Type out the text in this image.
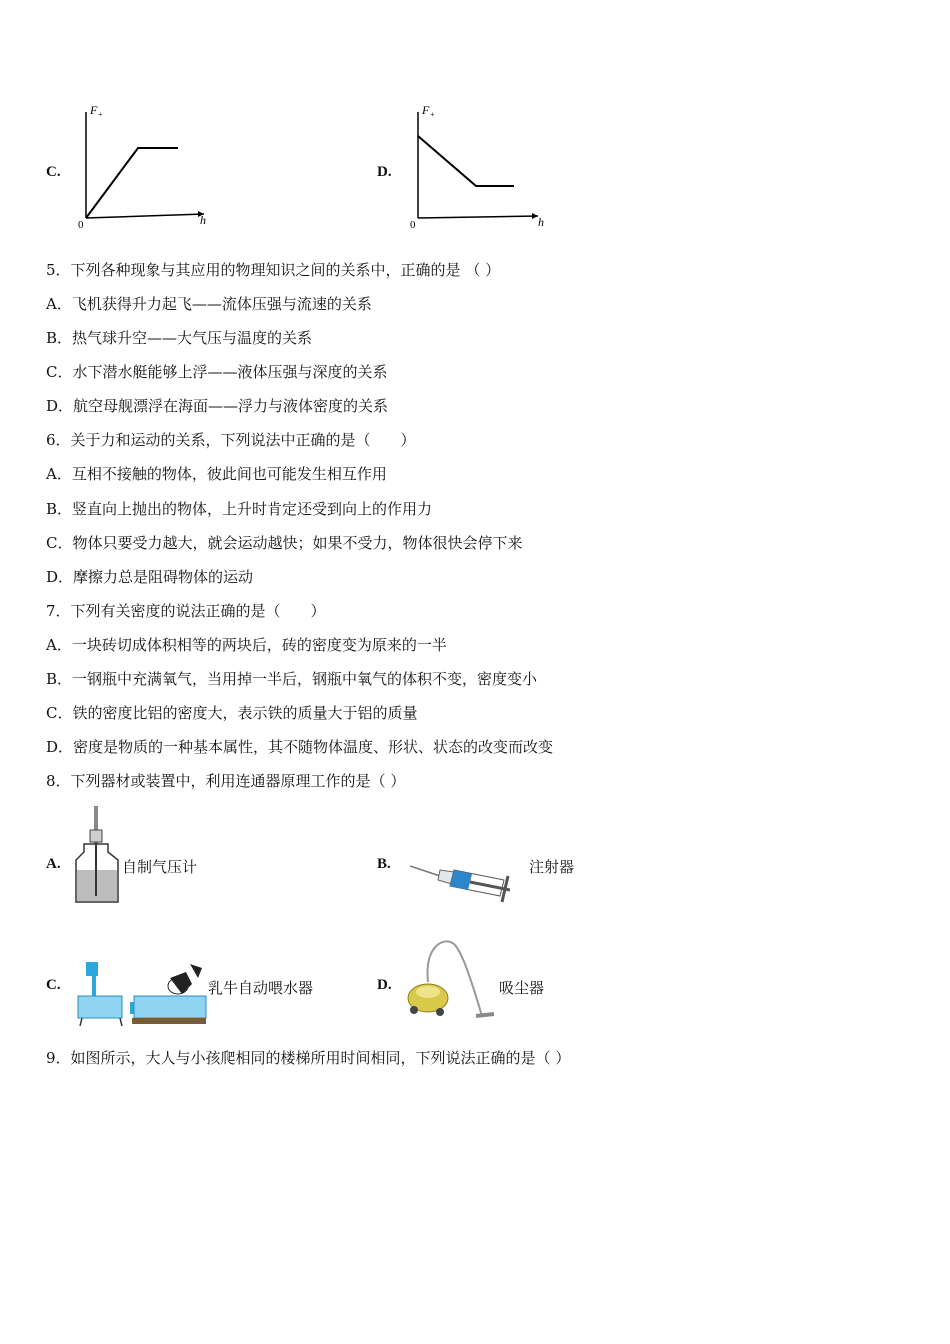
C.
F +
h
0
D.
F +
h
0
5．下列各种现象与其应用的物理知识之间的关系中，正确的是 （ ）
A．飞机获得升力起飞——流体压强与流速的关系
B．热气球升空——大气压与温度的关系
C．水下潜水艇能够上浮——液体压强与深度的关系
D．航空母舰漂浮在海面——浮力与液体密度的关系
6．关于力和运动的关系，下列说法中正确的是（　　）
A．互相不接触的物体，彼此间也可能发生相互作用
B．竖直向上抛出的物体，上升时肯定还受到向上的作用力
C．物体只要受力越大，就会运动越快；如果不受力，物体很快会停下来
D．摩擦力总是阻碍物体的运动
7．下列有关密度的说法正确的是（　　）
A．一块砖切成体积相等的两块后，砖的密度变为原来的一半
B．一钢瓶中充满氧气，当用掉一半后，钢瓶中氧气的体积不变，密度变小
C．铁的密度比铝的密度大，表示铁的质量大于铝的质量
D．密度是物质的一种基本属性，其不随物体温度、形状、状态的改变而改变
8．下列器材或装置中，利用连通器原理工作的是（ ）
A.	自制气压计	B.	注射器
C.	乳牛自动喂水器	D.	吸尘器
9．如图所示，大人与小孩爬相同的楼梯所用时间相同，下列说法正确的是（ ）
